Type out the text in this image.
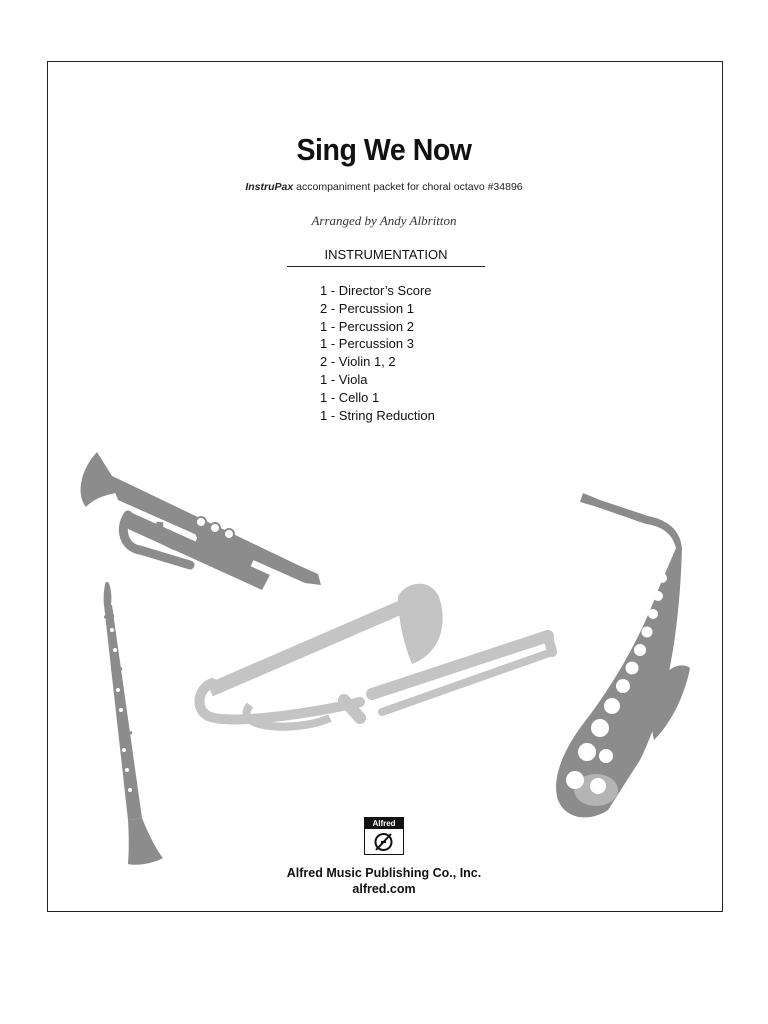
Sing We Now
InstruPax accompaniment packet for choral octavo #34896
Arranged by Andy Albritton
INSTRUMENTATION
1 - Director’s Score
2 - Percussion 1
1 - Percussion 2
1 - Percussion 3
2 - Violin 1, 2
1 - Viola
1 - Cello 1
1 - String Reduction
Alfred
Alfred Music Publishing Co., Inc.
alfred.com
